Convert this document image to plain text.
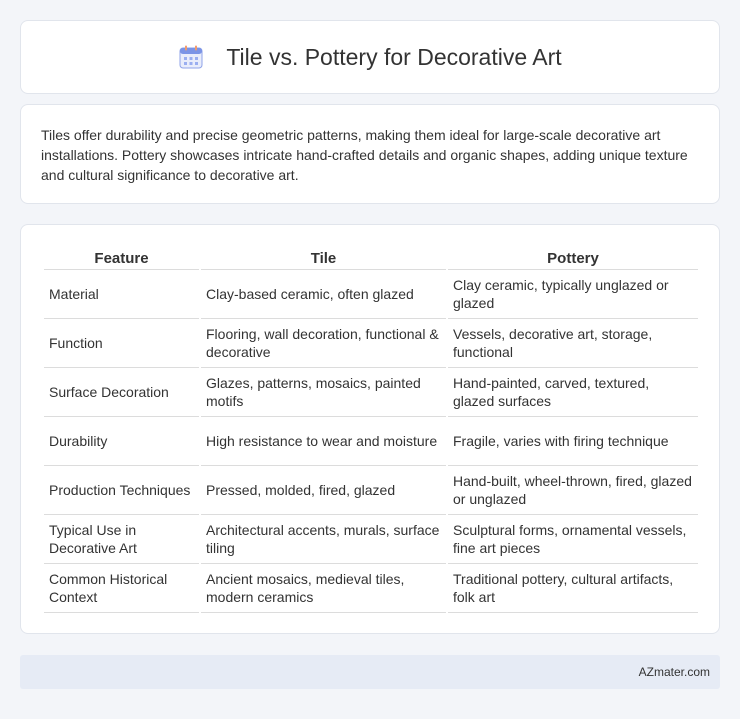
Tile vs. Pottery for Decorative Art

Tiles offer durability and precise geometric patterns, making them ideal for large-scale decorative art installations. Pottery showcases intricate hand-crafted details and organic shapes, adding unique texture and cultural significance to decorative art.

Feature	Tile	Pottery
Material	Clay-based ceramic, often glazed	Clay ceramic, typically unglazed or glazed
Function	Flooring, wall decoration, functional & decorative	Vessels, decorative art, storage, functional
Surface Decoration	Glazes, patterns, mosaics, painted motifs	Hand-painted, carved, textured, glazed surfaces
Durability	High resistance to wear and moisture	Fragile, varies with firing technique
Production Techniques	Pressed, molded, fired, glazed	Hand-built, wheel-thrown, fired, glazed or unglazed
Typical Use in Decorative Art	Architectural accents, murals, surface tiling	Sculptural forms, ornamental vessels, fine art pieces
Common Historical Context	Ancient mosaics, medieval tiles, modern ceramics	Traditional pottery, cultural artifacts, folk art
AZmater.com
